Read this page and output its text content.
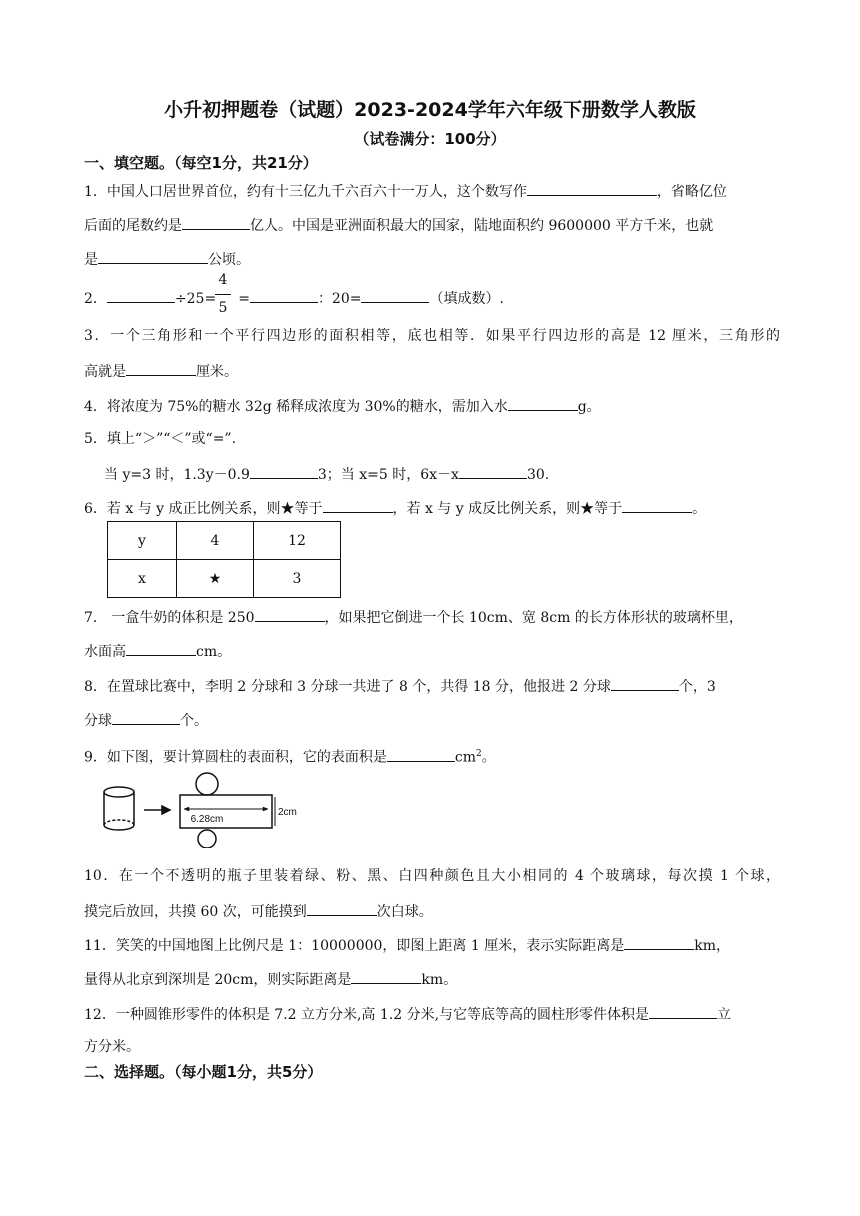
小升初押题卷（试题）2023-2024学年六年级下册数学人教版
（试卷满分：100分）
一、填空题。（每空1分，共21分）
1．中国人口居世界首位，约有十三亿九千六百六十一万人，这个数写作	，省略亿位
后面的尾数约是	亿人。中国是亚洲面积最大的国家，陆地面积约 9600000 平方千米，也就
是	公顷。
2．	÷25= =	：20=	（填成数）.
4
5
3．一个三角形和一个平行四边形的面积相等，底也相等．如果平行四边形的高是 12 厘米，三角形的
高就是	厘米。
4．将浓度为 75%的糖水 32g 稀释成浓度为 30%的糖水，需加入水	g。
5．填上“＞”“＜”或“=”.
当 y=3 时，1.3y－0.9	3；当 x=5 时，6x－x	30.
6．若 x 与 y 成正比例关系，则★等于	，若 x 与 y 成反比例关系，则★等于	。
y	4	12
x	★	3
7． 一盒牛奶的体积是 250	，如果把它倒进一个长 10cm、宽 8cm 的长方体形状的玻璃杯里，
水面高	cm。
8．在置球比赛中，李明 2 分球和 3 分球一共进了 8 个，共得 18 分，他报进 2 分球	个，3
分球	个。
9．如下图，要计算圆柱的表面积，它的表面积是	$cm^2$。
6.28cm
2cm
10．在一个不透明的瓶子里装着绿、粉、黑、白四种颜色且大小相同的 4 个玻璃球，每次摸 1 个球，
摸完后放回，共摸 60 次，可能摸到	次白球。
11．笑笑的中国地图上比例尺是 1：10000000，即图上距离 1 厘米，表示实际距离是	km，
量得从北京到深圳是 20cm，则实际距离是	km。
12．一种圆锥形零件的体积是 7.2 立方分米,高 1.2 分米,与它等底等高的圆柱形零件体积是	立
方分米。
二、选择题。（每小题1分，共5分）
